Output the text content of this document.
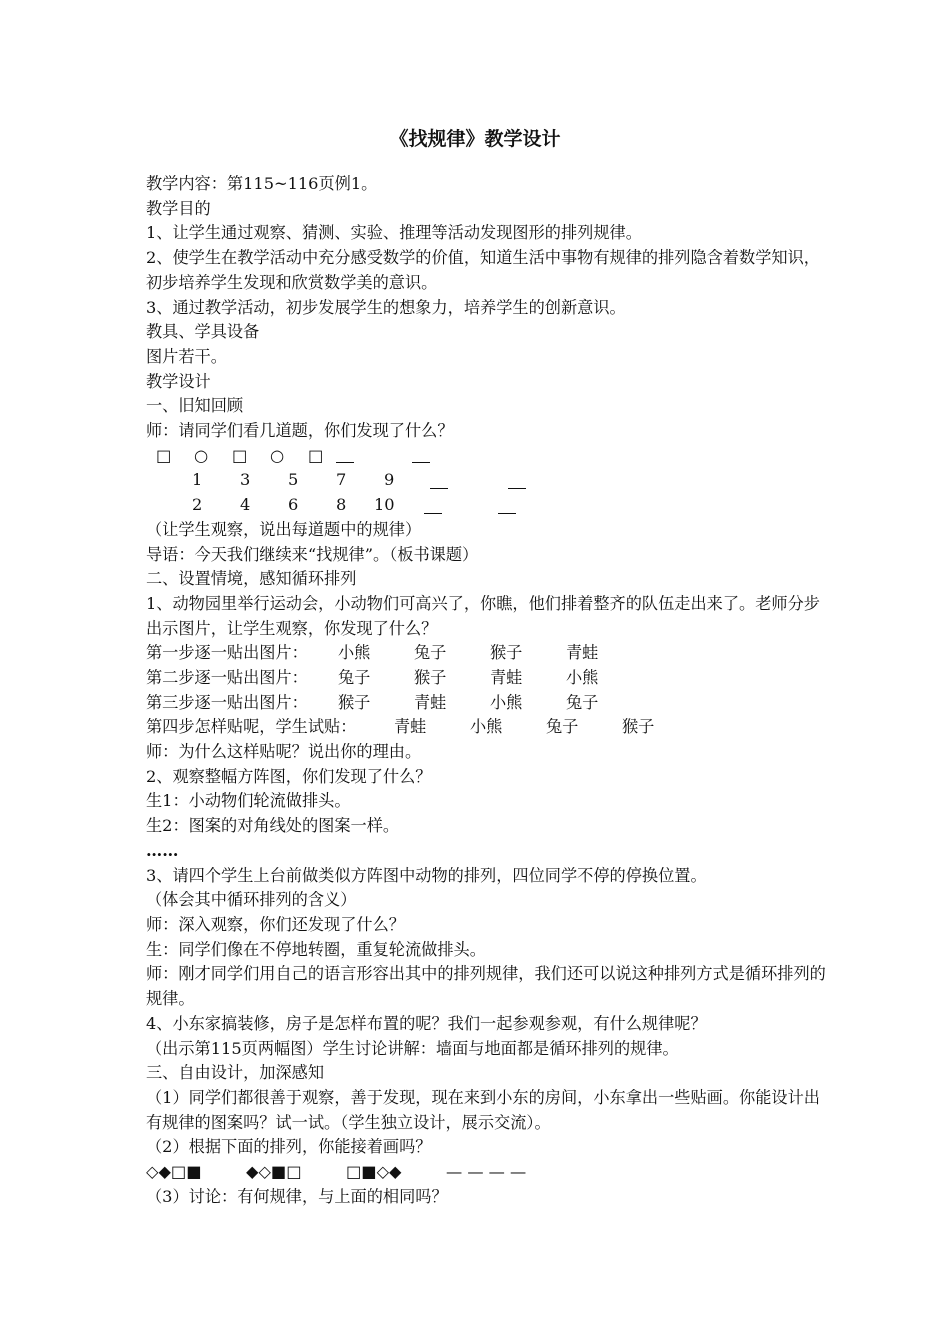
《找规律》教学设计

教学内容：第115~116页例1。

教学目的

1、让学生通过观察、猜测、实验、推理等活动发现图形的排列规律。

2、使学生在教学活动中充分感受数学的价值，知道生活中事物有规律的排列隐含着数学知识，初步培养学生发现和欣赏数学美的意识。

3、通过教学活动，初步发展学生的想象力，培养学生的创新意识。

教具、学具设备

图片若干。

教学设计

一、旧知回顾

师：请同学们看几道题，你们发现了什么？

□ ○ □ ○ □
1 3 5 7 9
2 4 6 8 10

（让学生观察，说出每道题中的规律）

导语：今天我们继续来“找规律”。（板书课题）

二、设置情境，感知循环排列

1、动物园里举行运动会，小动物们可高兴了，你瞧，他们排着整齐的队伍走出来了。老师分步出示图片，让学生观察，你发现了什么？

第一步逐一贴出图片： 小熊	兔子	猴子	青蛙
第二步逐一贴出图片： 兔子	猴子	青蛙	小熊
第三步逐一贴出图片： 猴子	青蛙	小熊	兔子
第四步怎样贴呢，学生试贴： 青蛙	小熊	兔子	猴子

师：为什么这样贴呢？说出你的理由。

2、观察整幅方阵图，你们发现了什么？

生1：小动物们轮流做排头。

生2：图案的对角线处的图案一样。

……

3、请四个学生上台前做类似方阵图中动物的排列，四位同学不停的停换位置。

（体会其中循环排列的含义）

师：深入观察，你们还发现了什么？

生：同学们像在不停地转圈，重复轮流做排头。

师：刚才同学们用自己的语言形容出其中的排列规律，我们还可以说这种排列方式是循环排列的规律。

4、小东家搞装修，房子是怎样布置的呢？我们一起参观参观，有什么规律呢？

（出示第115页两幅图）学生讨论讲解：墙面与地面都是循环排列的规律。

三、自由设计，加深感知

（1）同学们都很善于观察，善于发现，现在来到小东的房间，小东拿出一些贴画。你能设计出有规律的图案吗？试一试。（学生独立设计，展示交流）。

（2）根据下面的排列，你能接着画吗？

◇◆□■	◆◇■□	□■◇◆	— — — —

（3）讨论：有何规律，与上面的相同吗？
